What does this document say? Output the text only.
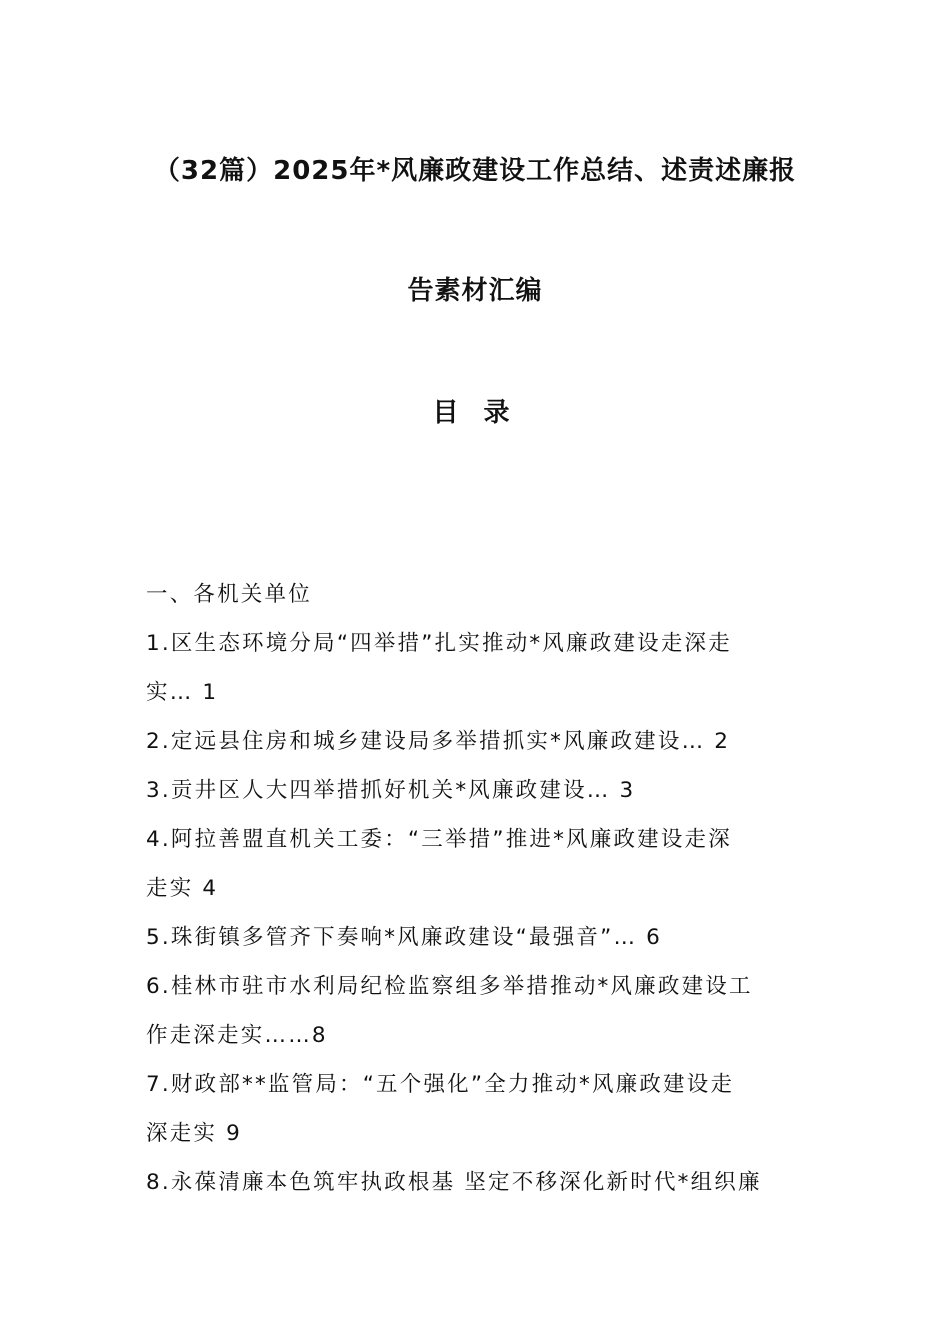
（32篇）2025年*风廉政建设工作总结、述责述廉报
告素材汇编
目 录
一、各机关单位
1.区生态环境分局“四举措”扎实推动*风廉政建设走深走
实… 1
2.定远县住房和城乡建设局多举措抓实*风廉政建设… 2
3.贡井区人大四举措抓好机关*风廉政建设… 3
4.阿拉善盟直机关工委：“三举措”推进*风廉政建设走深
走实 4
5.珠街镇多管齐下奏响*风廉政建设“最强音”… 6
6.桂林市驻市水利局纪检监察组多举措推动*风廉政建设工
作走深走实……8
7.财政部**监管局：“五个强化”全力推动*风廉政建设走
深走实 9
8.永葆清廉本色筑牢执政根基 坚定不移深化新时代*组织廉
